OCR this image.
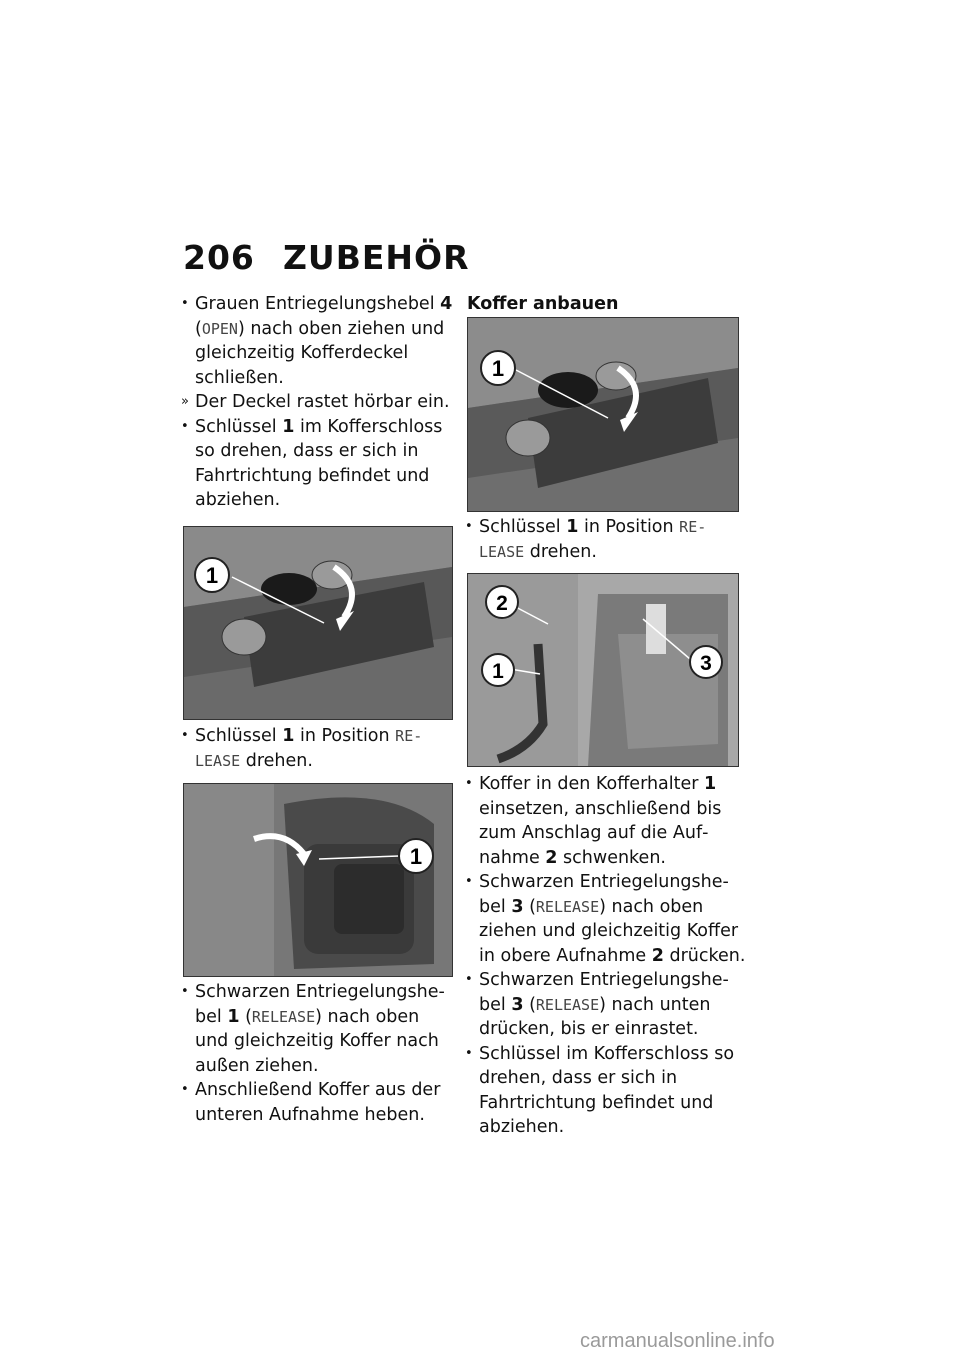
206 ZUBEHÖR
• Grauen Entriegelungshebel 4 (OPEN) nach oben ziehen und gleichzeitig Kofferdeckel schließen.
» Der Deckel rastet hörbar ein.
• Schlüssel 1 im Kofferschloss so drehen, dass er sich in Fahrtrichtung befindet und abziehen.
1
• Schlüssel 1 in Position RE-
LEASE drehen.
1
• Schwarzen Entriegelungshebel 1 (RELEASE) nach oben und gleichzeitig Koffer nach außen ziehen.
• Anschließend Koffer aus der unteren Aufnahme heben.
Koffer anbauen
1
• Schlüssel 1 in Position RE-
LEASE drehen.
2
1	3
• Koffer in den Kofferhalter 1 einsetzen, anschließend bis zum Anschlag auf die Aufnahme 2 schwenken.
• Schwarzen Entriegelungshebel 3 (RELEASE) nach oben ziehen und gleichzeitig Koffer in obere Aufnahme 2 drücken.
• Schwarzen Entriegelungshebel 3 (RELEASE) nach unten drücken, bis er einrastet.
• Schlüssel im Kofferschloss so drehen, dass er sich in Fahrtrichtung befindet und abziehen.
carmanualsonline.info
